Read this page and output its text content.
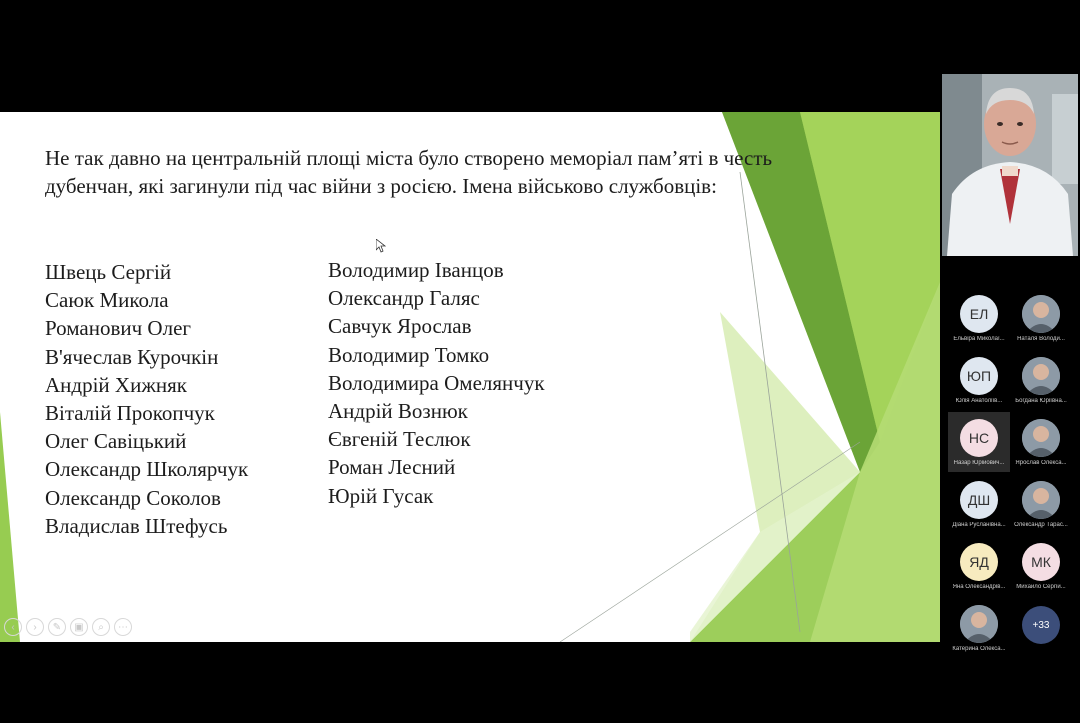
Не так давно на центральній площі міста було створено меморіал пам’яті в честь дубенчан, які загинули під час війни з росією. Імена військово службовців:
Швець Сергій
Саюк Микола
Романович Олег
В'ячеслав Курочкін
Андрій Хижняк
Віталій Прокопчук
Олег Савіцький
Олександр Школярчук
Олександр Соколов
Владислав Штефусь
Володимир Іванцов
Олександр Галяс
Савчук Ярослав
Володимир Томко
Володимира Омелянчук
Андрій Вознюк
Євгеній Теслюк
Роман Лесний
Юрій Гусак
‹	›	✎	▣	⌕	⋯
ЕЛ
Ельвіра Миколаї...	Наталя Володи...
ЮП
Юлія Анатоліїв...	Богдана Юріївна...
НС
Назар Юрійович...	Ярослав Олекса...
ДШ
Діана Русланівна...	Олександр Тарас...
ЯД
Яна Олександрів...
МК
Михайло Сергій...
Катерина Олекса...
+33
